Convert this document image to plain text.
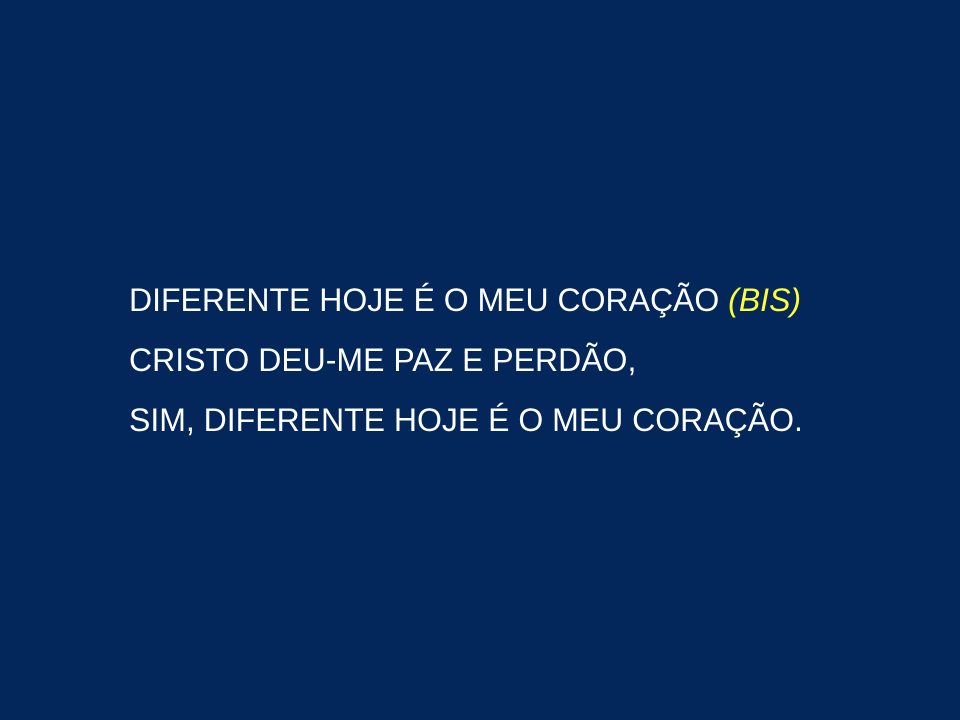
DIFERENTE HOJE É O MEU CORAÇÃO (BIS)
CRISTO DEU-ME PAZ E PERDÃO,
SIM, DIFERENTE HOJE É O MEU CORAÇÃO.
